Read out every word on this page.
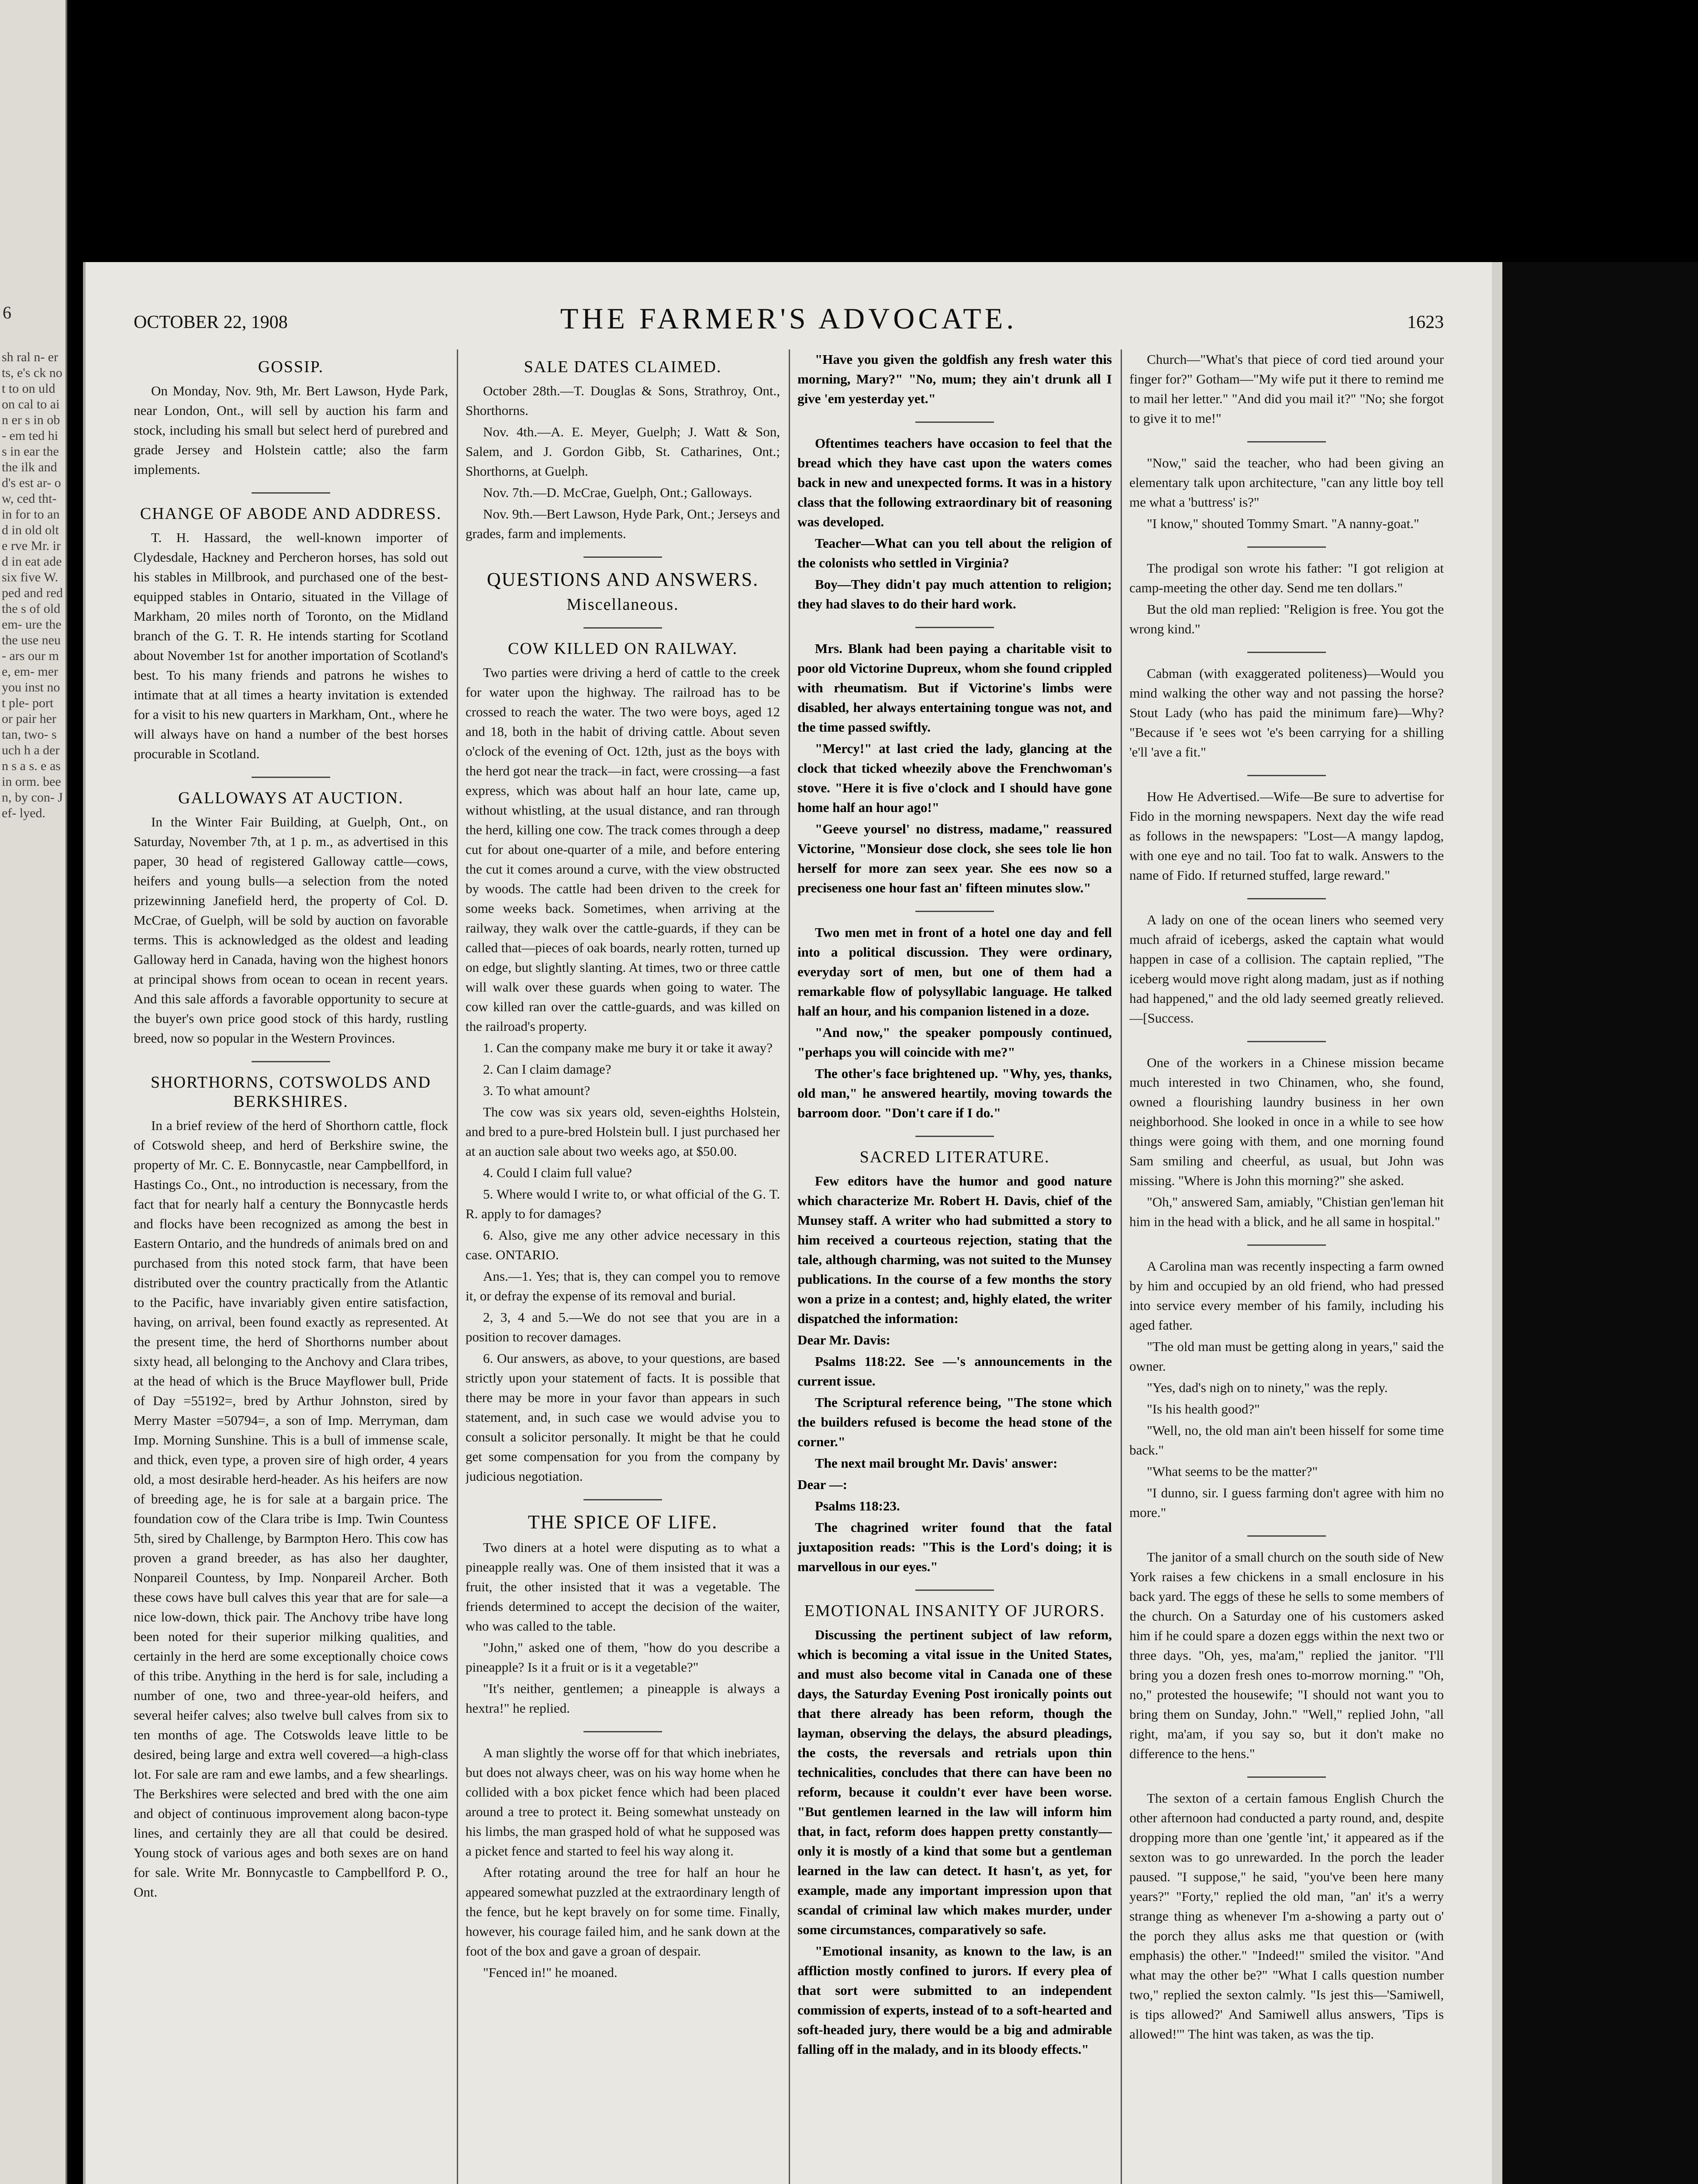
6
sh ral n- er ts, e's ck not to on uld on cal to ain er s in ob- em ted his in ear the the ilk and d's est ar- ow, ced tht- in for to and in old olte rve Mr. ird in eat ade six five W. ped and red the s of old em- ure the the use neu- ars our me, em- mer you inst not ple- port or pair her tan, two- such h a dern s a s. e as in orm. been, by con- Jef- lyed.
OCTOBER 22, 1908	THE FARMER'S ADVOCATE.	1623
GOSSIP.

On Monday, Nov. 9th, Mr. Bert Lawson, Hyde Park, near London, Ont., will sell by auction his farm and stock, including his small but select herd of purebred and grade Jersey and Holstein cattle; also the farm implements.

CHANGE OF ABODE AND ADDRESS.

T. H. Hassard, the well-known importer of Clydesdale, Hackney and Percheron horses, has sold out his stables in Millbrook, and purchased one of the best-equipped stables in Ontario, situated in the Village of Markham, 20 miles north of Toronto, on the Midland branch of the G. T. R. He intends starting for Scotland about November 1st for another importation of Scotland's best. To his many friends and patrons he wishes to intimate that at all times a hearty invitation is extended for a visit to his new quarters in Markham, Ont., where he will always have on hand a number of the best horses procurable in Scotland.

GALLOWAYS AT AUCTION.

In the Winter Fair Building, at Guelph, Ont., on Saturday, November 7th, at 1 p. m., as advertised in this paper, 30 head of registered Galloway cattle—cows, heifers and young bulls—a selection from the noted prizewinning Janefield herd, the property of Col. D. McCrae, of Guelph, will be sold by auction on favorable terms. This is acknowledged as the oldest and leading Galloway herd in Canada, having won the highest honors at principal shows from ocean to ocean in recent years. And this sale affords a favorable opportunity to secure at the buyer's own price good stock of this hardy, rustling breed, now so popular in the Western Provinces.

SHORTHORNS, COTSWOLDS AND BERKSHIRES.

In a brief review of the herd of Shorthorn cattle, flock of Cotswold sheep, and herd of Berkshire swine, the property of Mr. C. E. Bonnycastle, near Campbellford, in Hastings Co., Ont., no introduction is necessary, from the fact that for nearly half a century the Bonnycastle herds and flocks have been recognized as among the best in Eastern Ontario, and the hundreds of animals bred on and purchased from this noted stock farm, that have been distributed over the country practically from the Atlantic to the Pacific, have invariably given entire satisfaction, having, on arrival, been found exactly as represented. At the present time, the herd of Shorthorns number about sixty head, all belonging to the Anchovy and Clara tribes, at the head of which is the Bruce Mayflower bull, Pride of Day =55192=, bred by Arthur Johnston, sired by Merry Master =50794=, a son of Imp. Merryman, dam Imp. Morning Sunshine. This is a bull of immense scale, and thick, even type, a proven sire of high order, 4 years old, a most desirable herd-header. As his heifers are now of breeding age, he is for sale at a bargain price. The foundation cow of the Clara tribe is Imp. Twin Countess 5th, sired by Challenge, by Barmpton Hero. This cow has proven a grand breeder, as has also her daughter, Nonpareil Countess, by Imp. Nonpareil Archer. Both these cows have bull calves this year that are for sale—a nice low-down, thick pair. The Anchovy tribe have long been noted for their superior milking qualities, and certainly in the herd are some exceptionally choice cows of this tribe. Anything in the herd is for sale, including a number of one, two and three-year-old heifers, and several heifer calves; also twelve bull calves from six to ten months of age. The Cotswolds leave little to be desired, being large and extra well covered—a high-class lot. For sale are ram and ewe lambs, and a few shearlings. The Berkshires were selected and bred with the one aim and object of continuous improvement along bacon-type lines, and certainly they are all that could be desired. Young stock of various ages and both sexes are on hand for sale. Write Mr. Bonnycastle to Campbellford P. O., Ont.

SALE DATES CLAIMED.

October 28th.—T. Douglas & Sons, Strathroy, Ont., Shorthorns.

Nov. 4th.—A. E. Meyer, Guelph; J. Watt & Son, Salem, and J. Gordon Gibb, St. Catharines, Ont.; Shorthorns, at Guelph.

Nov. 7th.—D. McCrae, Guelph, Ont.; Galloways.

Nov. 9th.—Bert Lawson, Hyde Park, Ont.; Jerseys and grades, farm and implements.

QUESTIONS AND ANSWERS.
Miscellaneous.
COW KILLED ON RAILWAY.

Two parties were driving a herd of cattle to the creek for water upon the highway. The railroad has to be crossed to reach the water. The two were boys, aged 12 and 18, both in the habit of driving cattle. About seven o'clock of the evening of Oct. 12th, just as the boys with the herd got near the track—in fact, were crossing—a fast express, which was about half an hour late, came up, without whistling, at the usual distance, and ran through the herd, killing one cow. The track comes through a deep cut for about one-quarter of a mile, and before entering the cut it comes around a curve, with the view obstructed by woods. The cattle had been driven to the creek for some weeks back. Sometimes, when arriving at the railway, they walk over the cattle-guards, if they can be called that—pieces of oak boards, nearly rotten, turned up on edge, but slightly slanting. At times, two or three cattle will walk over these guards when going to water. The cow killed ran over the cattle-guards, and was killed on the railroad's property.

1. Can the company make me bury it or take it away?

2. Can I claim damage?

3. To what amount?

The cow was six years old, seven-eighths Holstein, and bred to a pure-bred Holstein bull. I just purchased her at an auction sale about two weeks ago, at $50.00.

4. Could I claim full value?

5. Where would I write to, or what official of the G. T. R. apply to for damages?

6. Also, give me any other advice necessary in this case. ONTARIO.

Ans.—1. Yes; that is, they can compel you to remove it, or defray the expense of its removal and burial.

2, 3, 4 and 5.—We do not see that you are in a position to recover damages.

6. Our answers, as above, to your questions, are based strictly upon your statement of facts. It is possible that there may be more in your favor than appears in such statement, and, in such case we would advise you to consult a solicitor personally. It might be that he could get some compensation for you from the company by judicious negotiation.

THE SPICE OF LIFE.

Two diners at a hotel were disputing as to what a pineapple really was. One of them insisted that it was a fruit, the other insisted that it was a vegetable. The friends determined to accept the decision of the waiter, who was called to the table.

"John," asked one of them, "how do you describe a pineapple? Is it a fruit or is it a vegetable?"

"It's neither, gentlemen; a pineapple is always a hextra!" he replied.

A man slightly the worse off for that which inebriates, but does not always cheer, was on his way home when he collided with a box picket fence which had been placed around a tree to protect it. Being somewhat unsteady on his limbs, the man grasped hold of what he supposed was a picket fence and started to feel his way along it.

After rotating around the tree for half an hour he appeared somewhat puzzled at the extraordinary length of the fence, but he kept bravely on for some time. Finally, however, his courage failed him, and he sank down at the foot of the box and gave a groan of despair.

"Fenced in!" he moaned.

"Have you given the goldfish any fresh water this morning, Mary?" "No, mum; they ain't drunk all I give 'em yesterday yet."

Oftentimes teachers have occasion to feel that the bread which they have cast upon the waters comes back in new and unexpected forms. It was in a history class that the following extraordinary bit of reasoning was developed.

Teacher—What can you tell about the religion of the colonists who settled in Virginia?

Boy—They didn't pay much attention to religion; they had slaves to do their hard work.

Mrs. Blank had been paying a charitable visit to poor old Victorine Dupreux, whom she found crippled with rheumatism. But if Victorine's limbs were disabled, her always entertaining tongue was not, and the time passed swiftly.

"Mercy!" at last cried the lady, glancing at the clock that ticked wheezily above the Frenchwoman's stove. "Here it is five o'clock and I should have gone home half an hour ago!"

"Geeve yoursel' no distress, madame," reassured Victorine, "Monsieur dose clock, she sees tole lie hon herself for more zan seex year. She ees now so a preciseness one hour fast an' fifteen minutes slow."

Two men met in front of a hotel one day and fell into a political discussion. They were ordinary, everyday sort of men, but one of them had a remarkable flow of polysyllabic language. He talked half an hour, and his companion listened in a doze.

"And now," the speaker pompously continued, "perhaps you will coincide with me?"

The other's face brightened up. "Why, yes, thanks, old man," he answered heartily, moving towards the barroom door. "Don't care if I do."

SACRED LITERATURE.

Few editors have the humor and good nature which characterize Mr. Robert H. Davis, chief of the Munsey staff. A writer who had submitted a story to him received a courteous rejection, stating that the tale, although charming, was not suited to the Munsey publications. In the course of a few months the story won a prize in a contest; and, highly elated, the writer dispatched the information:

Dear Mr. Davis:

Psalms 118:22. See —'s announcements in the current issue.

The Scriptural reference being, "The stone which the builders refused is become the head stone of the corner."

The next mail brought Mr. Davis' answer:

Dear —:

Psalms 118:23.

The chagrined writer found that the fatal juxtaposition reads: "This is the Lord's doing; it is marvellous in our eyes."

EMOTIONAL INSANITY OF JURORS.

Discussing the pertinent subject of law reform, which is becoming a vital issue in the United States, and must also become vital in Canada one of these days, the Saturday Evening Post ironically points out that there already has been reform, though the layman, observing the delays, the absurd pleadings, the costs, the reversals and retrials upon thin technicalities, concludes that there can have been no reform, because it couldn't ever have been worse. "But gentlemen learned in the law will inform him that, in fact, reform does happen pretty constantly—only it is mostly of a kind that some but a gentleman learned in the law can detect. It hasn't, as yet, for example, made any important impression upon that scandal of criminal law which makes murder, under some circumstances, comparatively so safe.

"Emotional insanity, as known to the law, is an affliction mostly confined to jurors. If every plea of that sort were submitted to an independent commission of experts, instead of to a soft-hearted and soft-headed jury, there would be a big and admirable falling off in the malady, and in its bloody effects."

Church—"What's that piece of cord tied around your finger for?" Gotham—"My wife put it there to remind me to mail her letter." "And did you mail it?" "No; she forgot to give it to me!"

"Now," said the teacher, who had been giving an elementary talk upon architecture, "can any little boy tell me what a 'buttress' is?"

"I know," shouted Tommy Smart. "A nanny-goat."

The prodigal son wrote his father: "I got religion at camp-meeting the other day. Send me ten dollars."

But the old man replied: "Religion is free. You got the wrong kind."

Cabman (with exaggerated politeness)—Would you mind walking the other way and not passing the horse? Stout Lady (who has paid the minimum fare)—Why? "Because if 'e sees wot 'e's been carrying for a shilling 'e'll 'ave a fit."

How He Advertised.—Wife—Be sure to advertise for Fido in the morning newspapers. Next day the wife read as follows in the newspapers: "Lost—A mangy lapdog, with one eye and no tail. Too fat to walk. Answers to the name of Fido. If returned stuffed, large reward."

A lady on one of the ocean liners who seemed very much afraid of icebergs, asked the captain what would happen in case of a collision. The captain replied, "The iceberg would move right along madam, just as if nothing had happened," and the old lady seemed greatly relieved.—[Success.

One of the workers in a Chinese mission became much interested in two Chinamen, who, she found, owned a flourishing laundry business in her own neighborhood. She looked in once in a while to see how things were going with them, and one morning found Sam smiling and cheerful, as usual, but John was missing. "Where is John this morning?" she asked.

"Oh," answered Sam, amiably, "Chistian gen'leman hit him in the head with a blick, and he all same in hospital."

A Carolina man was recently inspecting a farm owned by him and occupied by an old friend, who had pressed into service every member of his family, including his aged father.

"The old man must be getting along in years," said the owner.

"Yes, dad's nigh on to ninety," was the reply.

"Is his health good?"

"Well, no, the old man ain't been hisself for some time back."

"What seems to be the matter?"

"I dunno, sir. I guess farming don't agree with him no more."

The janitor of a small church on the south side of New York raises a few chickens in a small enclosure in his back yard. The eggs of these he sells to some members of the church. On a Saturday one of his customers asked him if he could spare a dozen eggs within the next two or three days. "Oh, yes, ma'am," replied the janitor. "I'll bring you a dozen fresh ones to-morrow morning." "Oh, no," protested the housewife; "I should not want you to bring them on Sunday, John." "Well," replied John, "all right, ma'am, if you say so, but it don't make no difference to the hens."

The sexton of a certain famous English Church the other afternoon had conducted a party round, and, despite dropping more than one 'gentle 'int,' it appeared as if the sexton was to go unrewarded. In the porch the leader paused. "I suppose," he said, "you've been here many years?" "Forty," replied the old man, "an' it's a werry strange thing as whenever I'm a-showing a party out o' the porch they allus asks me that question or (with emphasis) the other." "Indeed!" smiled the visitor. "And what may the other be?" "What I calls question number two," replied the sexton calmly. "Is jest this—'Samiwell, is tips allowed?' And Samiwell allus answers, 'Tips is allowed!'" The hint was taken, as was the tip.
